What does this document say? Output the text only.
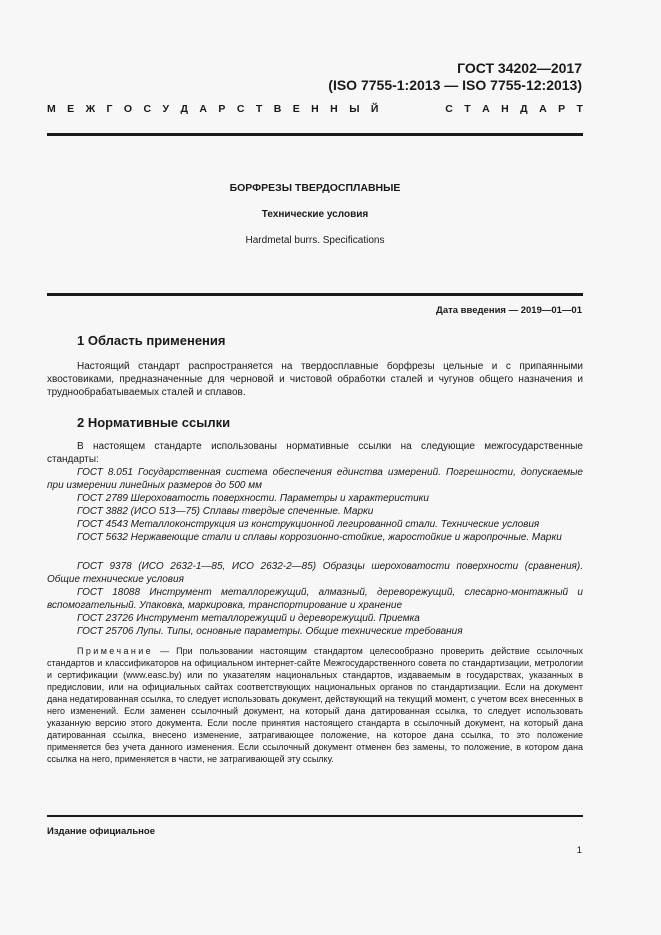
ГОСТ 34202—2017
(ISO 7755-1:2013 — ISO 7755-12:2013)
М Е Ж Г О С У Д А Р С Т В Е Н Н Ы Й	С Т А Н Д А Р Т
БОРФРЕЗЫ ТВЕРДОСПЛАВНЫЕ
Технические условия
Hardmetal burrs. Specifications
Дата введения — 2019—01—01
1 Область применения
Настоящий стандарт распространяется на твердосплавные борфрезы цельные и с припаянными хвостовиками, предназначенные для черновой и чистовой обработки сталей и чугунов общего назначения и труднообрабатываемых сталей и сплавов.
2 Нормативные ссылки
В настоящем стандарте использованы нормативные ссылки на следующие межгосударственные стандарты:
ГОСТ 8.051 Государственная система обеспечения единства измерений. Погрешности, допускаемые при измерении линейных размеров до 500 мм
ГОСТ 2789 Шероховатость поверхности. Параметры и характеристики
ГОСТ 3882 (ИСО 513—75) Сплавы твердые спеченные. Марки
ГОСТ 4543 Металлоконструкция из конструкционной легированной стали. Технические условия
ГОСТ 5632 Нержавеющие стали и сплавы коррозионно-стойкие, жаростойкие и жаропрочные. Марки
ГОСТ 9378 (ИСО 2632-1—85, ИСО 2632-2—85) Образцы шероховатости поверхности (сравнения). Общие технические условия
ГОСТ 18088 Инструмент металлорежущий, алмазный, дереворежущий, слесарно-монтажный и вспомогательный. Упаковка, маркировка, транспортирование и хранение
ГОСТ 23726 Инструмент металлорежущий и дереворежущий. Приемка
ГОСТ 25706 Лупы. Типы, основные параметры. Общие технические требования
Примечание — При пользовании настоящим стандартом целесообразно проверить действие ссылочных стандартов и классификаторов на официальном интернет-сайте Межгосударственного совета по стандартизации, метрологии и сертификации (www.easc.by) или по указателям национальных стандартов, издаваемым в государствах, указанных в предисловии, или на официальных сайтах соответствующих национальных органов по стандартизации. Если на документ дана недатированная ссылка, то следует использовать документ, действующий на текущий момент, с учетом всех внесенных в него изменений. Если заменен ссылочный документ, на который дана датированная ссылка, то следует использовать указанную версию этого документа. Если после принятия настоящего стандарта в ссылочный документ, на который дана датированная ссылка, внесено изменение, затрагивающее положение, на которое дана ссылка, то это положение применяется без учета данного изменения. Если ссылочный документ отменен без замены, то положение, в котором дана ссылка на него, применяется в части, не затрагивающей эту ссылку.
Издание официальное
1
